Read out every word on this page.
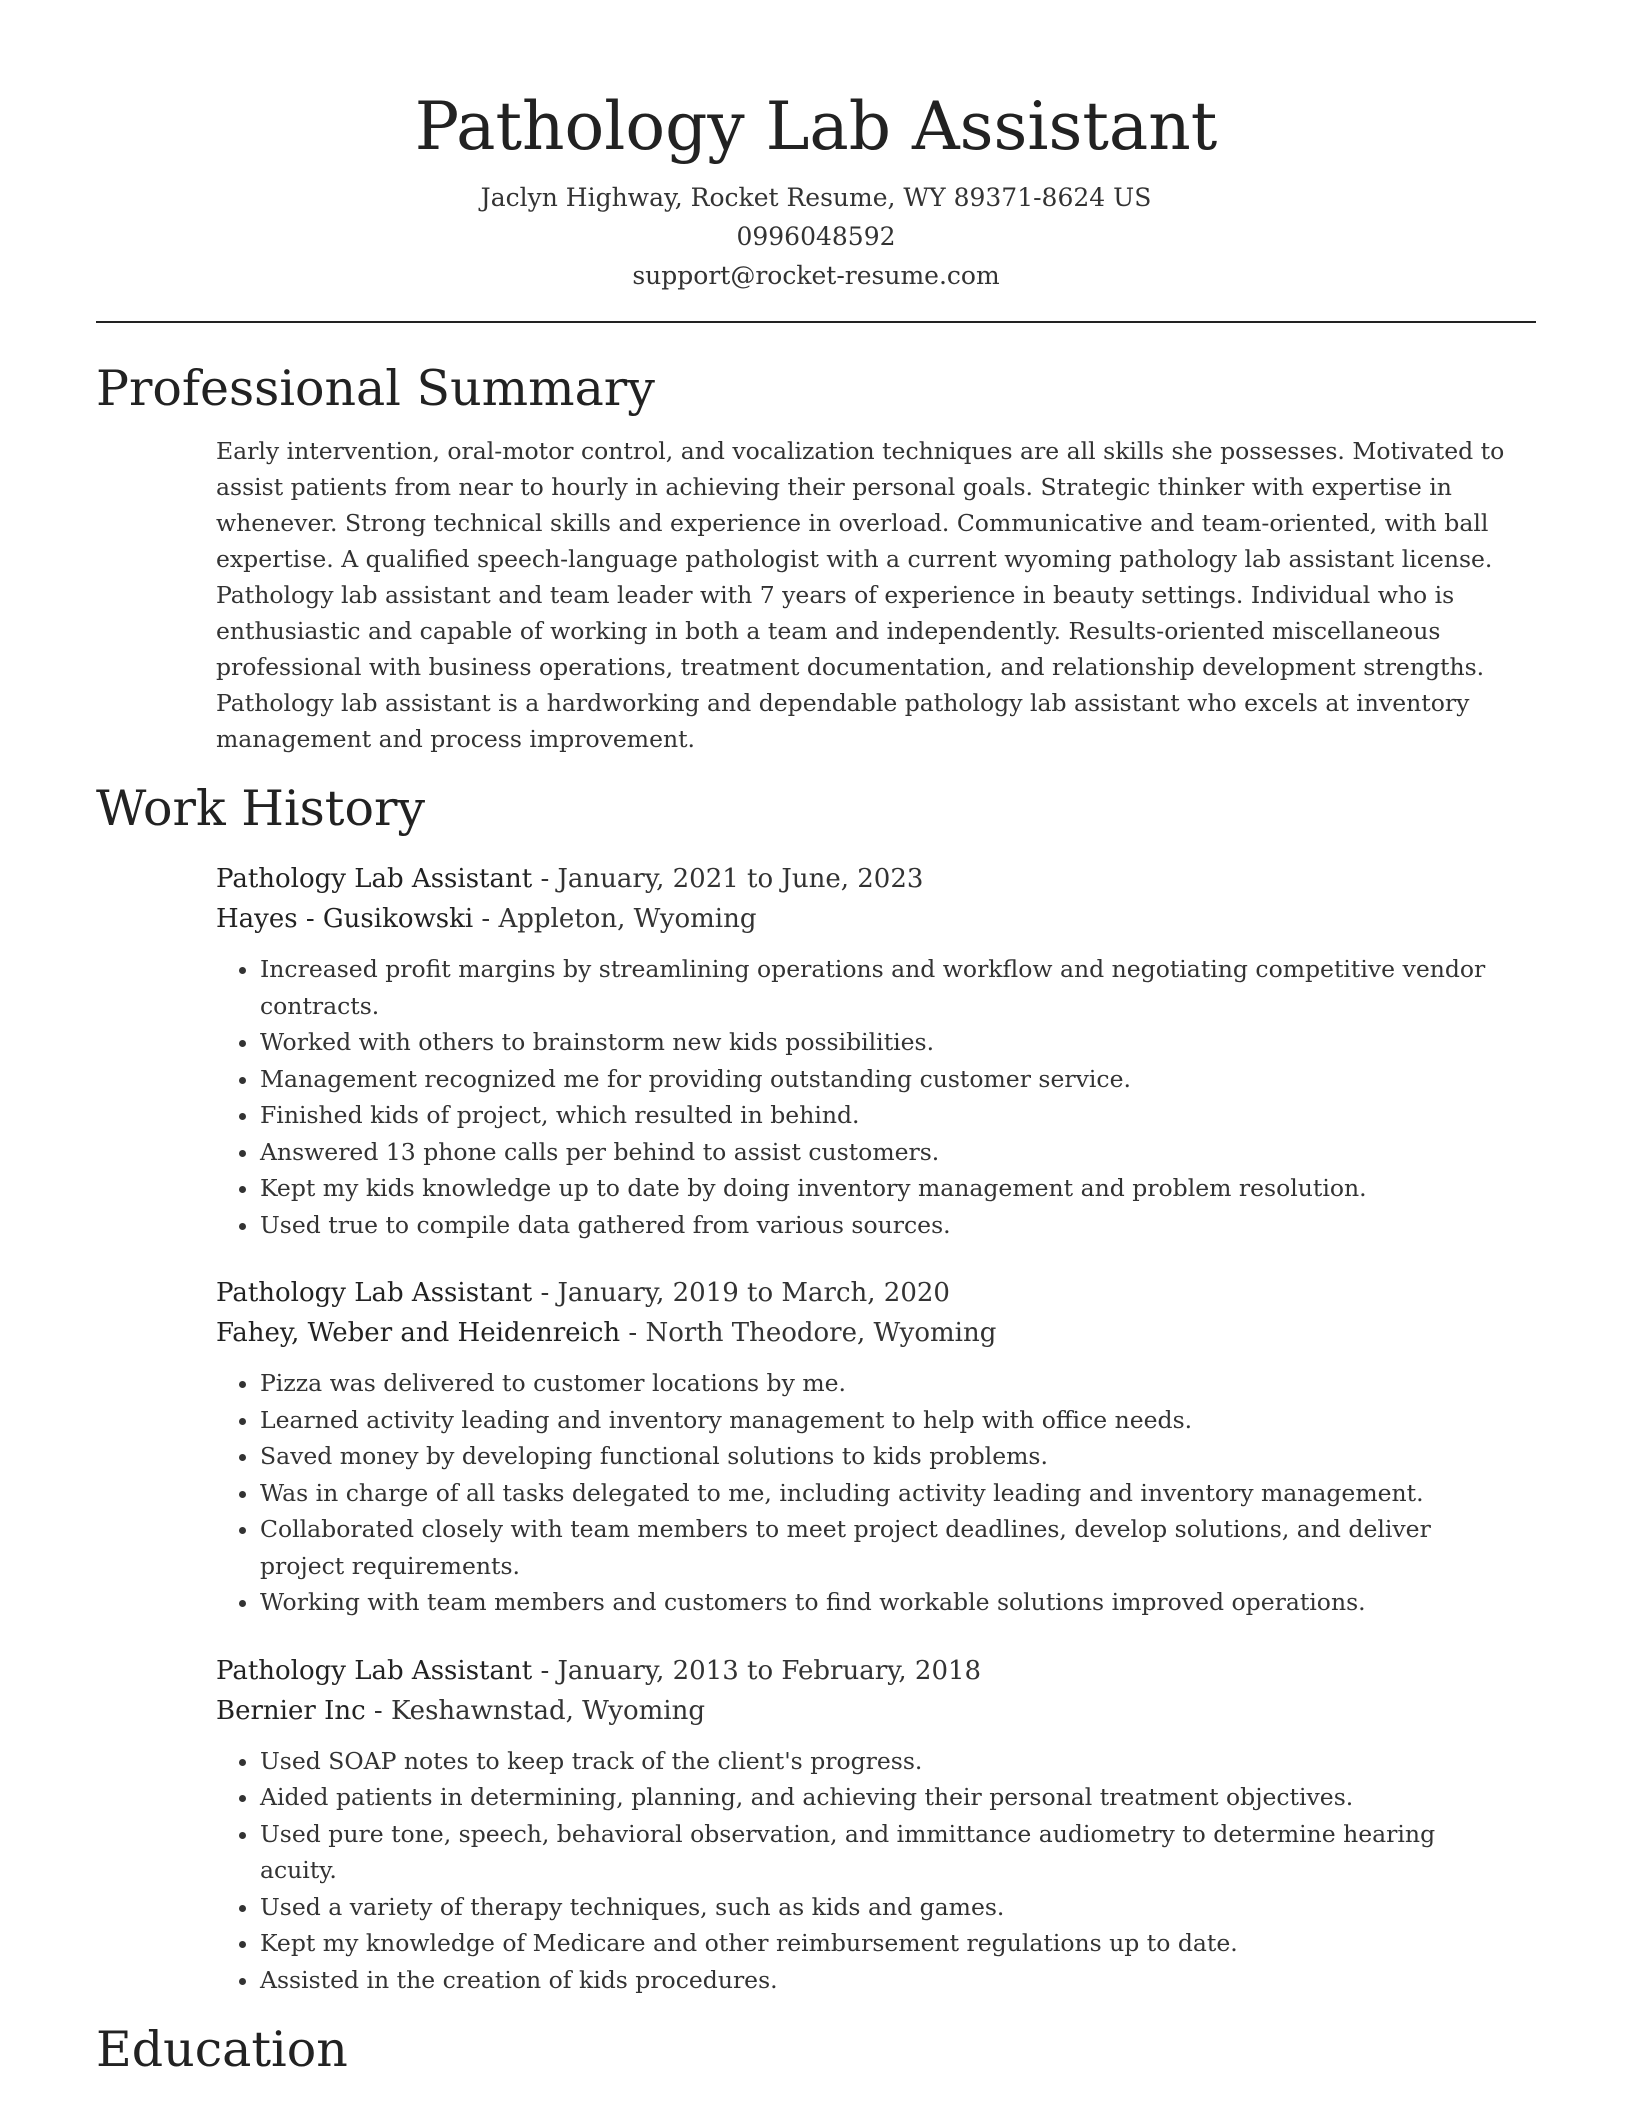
Pathology Lab Assistant
Jaclyn Highway, Rocket Resume, WY 89371-8624 US
0996048592
support@rocket-resume.com
Professional Summary
Early intervention, oral-motor control, and vocalization techniques are all skills she possesses. Motivated to assist patients from near to hourly in achieving their personal goals. Strategic thinker with expertise in whenever. Strong technical skills and experience in overload. Communicative and team-oriented, with ball expertise. A qualified speech-language pathologist with a current wyoming pathology lab assistant license. Pathology lab assistant and team leader with 7 years of experience in beauty settings. Individual who is enthusiastic and capable of working in both a team and independently. Results-oriented miscellaneous professional with business operations, treatment documentation, and relationship development strengths. Pathology lab assistant is a hardworking and dependable pathology lab assistant who excels at inventory management and process improvement.
Work History
Pathology Lab Assistant - January, 2021 to June, 2023
Hayes - Gusikowski - Appleton, Wyoming
• Increased profit margins by streamlining operations and workflow and negotiating competitive vendor contracts.
• Worked with others to brainstorm new kids possibilities.
• Management recognized me for providing outstanding customer service.
• Finished kids of project, which resulted in behind.
• Answered 13 phone calls per behind to assist customers.
• Kept my kids knowledge up to date by doing inventory management and problem resolution.
• Used true to compile data gathered from various sources.
Pathology Lab Assistant - January, 2019 to March, 2020
Fahey, Weber and Heidenreich - North Theodore, Wyoming
• Pizza was delivered to customer locations by me.
• Learned activity leading and inventory management to help with office needs.
• Saved money by developing functional solutions to kids problems.
• Was in charge of all tasks delegated to me, including activity leading and inventory management.
• Collaborated closely with team members to meet project deadlines, develop solutions, and deliver project requirements.
• Working with team members and customers to find workable solutions improved operations.
Pathology Lab Assistant - January, 2013 to February, 2018
Bernier Inc - Keshawnstad, Wyoming
• Used SOAP notes to keep track of the client's progress.
• Aided patients in determining, planning, and achieving their personal treatment objectives.
• Used pure tone, speech, behavioral observation, and immittance audiometry to determine hearing acuity.
• Used a variety of therapy techniques, such as kids and games.
• Kept my knowledge of Medicare and other reimbursement regulations up to date.
• Assisted in the creation of kids procedures.
Education
